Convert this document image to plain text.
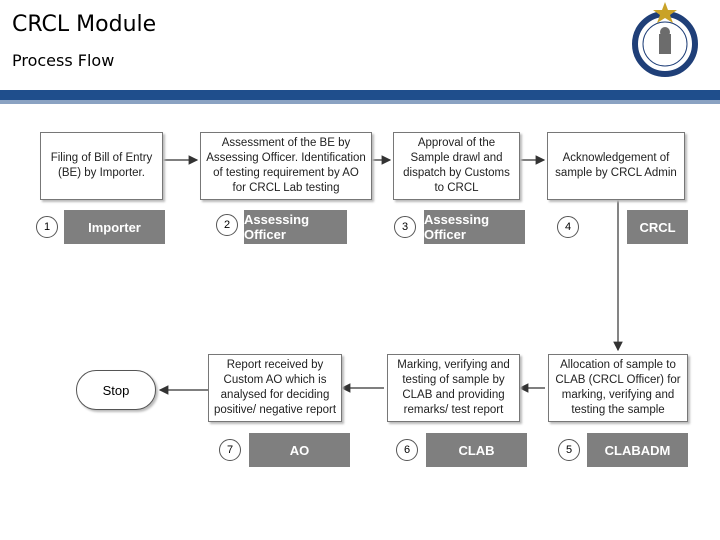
CRCL Module
Process Flow
Filing of Bill of Entry (BE) by Importer.
1	Importer
Assessment of the BE by Assessing Officer. Identification of testing requirement by AO for CRCL Lab testing
2	Assessing Officer
Approval of the Sample drawl and dispatch by Customs to CRCL
3	Assessing Officer
Acknowledgement of sample by CRCL Admin
4	CRCL
Allocation of sample to CLAB (CRCL Officer) for marking, verifying and testing the sample
5	CLABADM
Marking, verifying and testing of sample by CLAB and providing remarks/ test report
6	CLAB
Report received by Custom AO which is analysed for deciding positive/ negative report
7	AO
Stop
